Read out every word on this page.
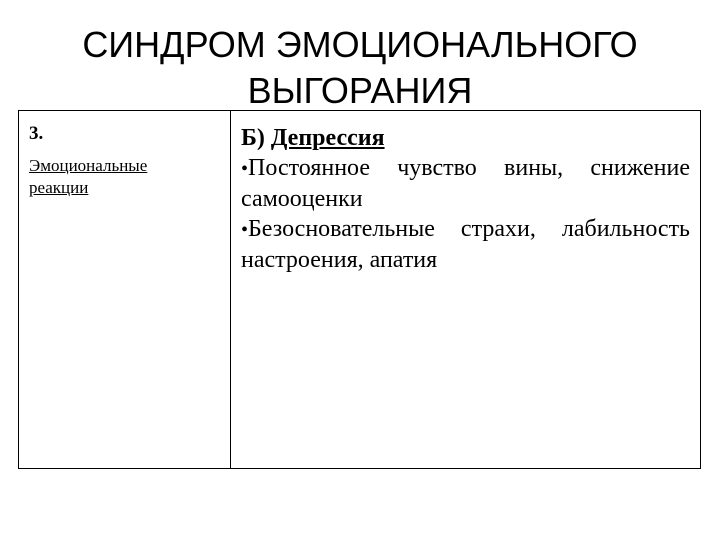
СИНДРОМ ЭМОЦИОНАЛЬНОГО
ВЫГОРАНИЯ
3.
Эмоциональные
реакции
Б) Депрессия
•Постоянное чувство вины, снижение самооценки
•Безосновательные страхи, лабильность настроения, апатия
